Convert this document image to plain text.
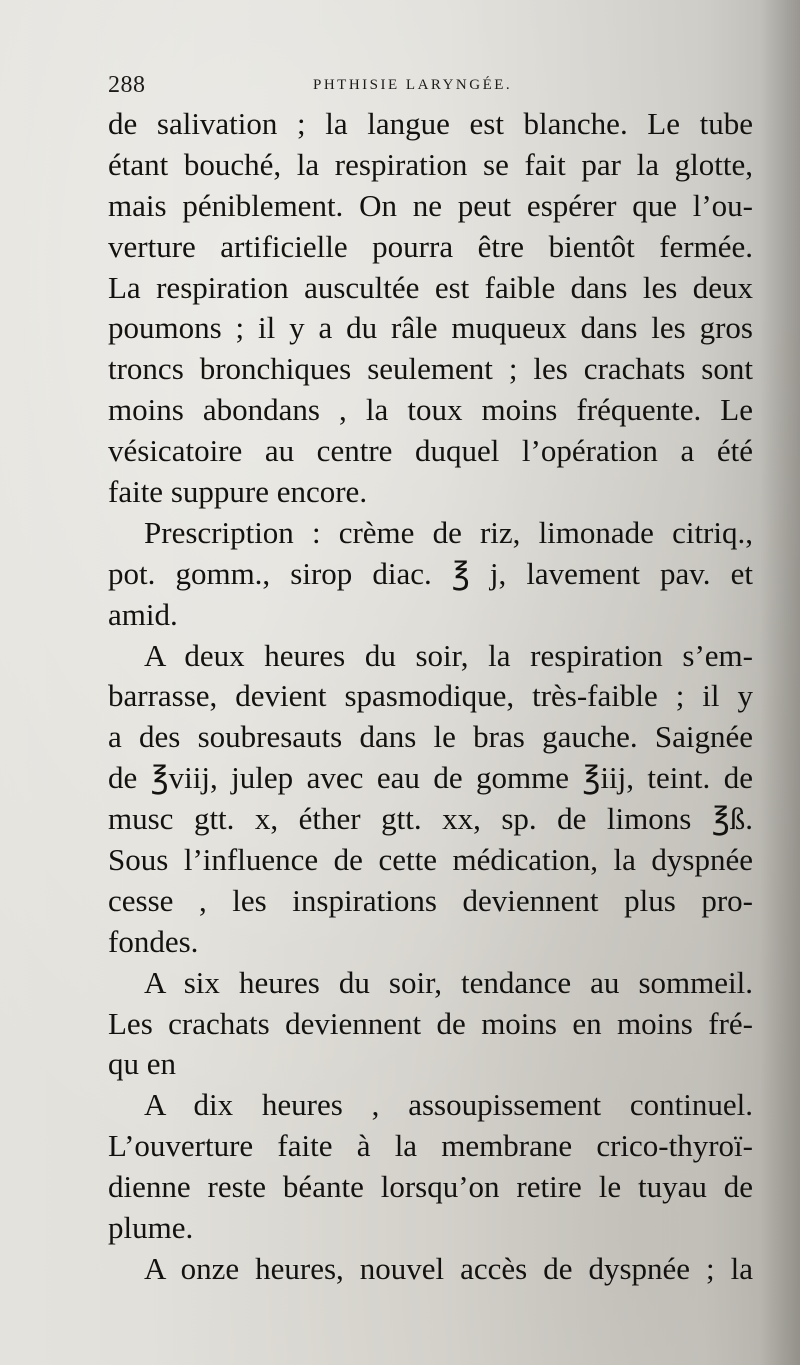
288	PHTHISIE LARYNGÉE.
de salivation ; la langue est blanche. Le tube
étant bouché, la respiration se fait par la glotte,
mais péniblement. On ne peut espérer que l’ou-
verture artificielle pourra être bientôt fermée.
La respiration auscultée est faible dans les deux
poumons ; il y a du râle muqueux dans les gros
troncs bronchiques seulement ; les crachats sont
moins abondans , la toux moins fréquente. Le
vésicatoire au centre duquel l’opération a été
faite suppure encore.
Prescription : crème de riz, limonade citriq.,
pot. gomm., sirop diac. ℥ j, lavement pav. et
amid.
A deux heures du soir, la respiration s’em-
barrasse, devient spasmodique, très-faible ; il y
a des soubresauts dans le bras gauche. Saignée
de ℥viij, julep avec eau de gomme ℥iij, teint. de
musc gtt. x, éther gtt. xx, sp. de limons ℥ß.
Sous l’influence de cette médication, la dyspnée
cesse , les inspirations deviennent plus pro-
fondes.
A six heures du soir, tendance au sommeil.
Les crachats deviennent de moins en moins fré-
qu en
A dix heures , assoupissement continuel.
L’ouverture faite à la membrane crico-thyroï-
dienne reste béante lorsqu’on retire le tuyau de
plume.
A onze heures, nouvel accès de dyspnée ; la
